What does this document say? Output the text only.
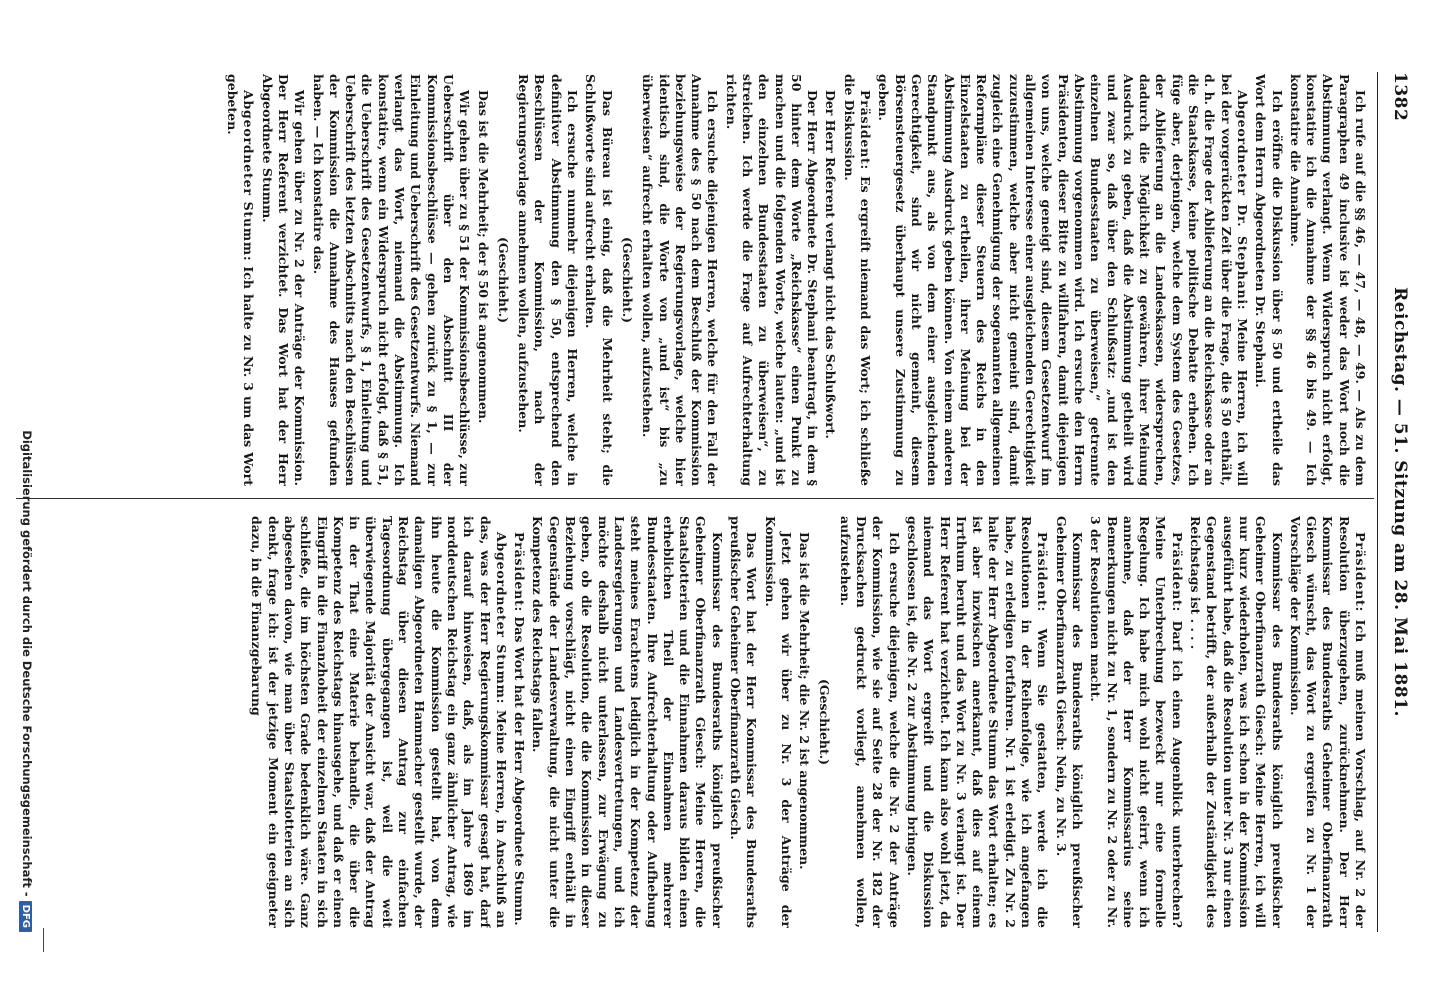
1382
Reichstag. — 51. Sitzung am 28. Mai 1881.

Ich rufe auf die §§ 46, — 47, — 48, — 49. — Als zu dem Paragraphen 49 inclusive ist weder das Wort noch die Abstimmung verlangt. Wenn Widerspruch nicht erfolgt, konstatire ich die Annahme der §§ 46 bis 49. — Ich konstatire die Annahme.

Ich eröffne die Diskussion über § 50 und ertheile das Wort dem Herrn Abgeordneten Dr. Stephani.

Abgeordneter Dr. Stephani: Meine Herren, ich will bei der vorgerückten Zeit über die Frage, die § 50 enthält, d. h. die Frage der Ablieferung an die Reichskasse oder an die Staatskasse, keine politische Debatte erheben. Ich füge aber, derjenigen, welche dem System des Gesetzes, der Ablieferung an die Landeskassen, widersprechen, dadurch die Möglichkeit zu gewähren, ihrer Meinung Ausdruck zu geben, daß die Abstimmung getheilt wird und zwar so, daß über den Schlußsatz: „und ist den einzelnen Bundesstaaten zu überweisen,“ getrennte Abstimmung vorgenommen wird. Ich ersuche den Herrn Präsidenten, dieser Bitte zu willfahren, damit diejenigen von uns, welche geneigt sind, diesem Gesetzentwurf im allgemeinen Interesse einer ausgleichenden Gerechtigkeit zuzustimmen, welche aber nicht gemeint sind, damit zugleich eine Genehmigung der sogenannten allgemeinen Reformpläne dieser Steuern des Reichs in den Einzelstaaten zu ertheilen, ihrer Meinung bei der Abstimmung Ausdruck geben können. Von einem anderen Standpunkt aus, als von dem einer ausgleichenden Gerechtigkeit, sind wir nicht gemeint, diesem Börsensteuergesetz überhaupt unsere Zustimmung zu geben.

Präsident: Es ergreift niemand das Wort; ich schließe die Diskussion.

Der Herr Referent verlangt nicht das Schlußwort.

Der Herr Abgeordnete Dr. Stephani beantragt, in dem § 50 hinter dem Worte „Reichskasse“ einen Punkt zu machen und die folgenden Worte, welche lauten: „und ist den einzelnen Bundesstaaten zu überweisen“, zu streichen. Ich werde die Frage auf Aufrechterhaltung richten.

Ich ersuche diejenigen Herren, welche für den Fall der Annahme des § 50 nach dem Beschluß der Kommission beziehungsweise der Regierungsvorlage, welche hier identisch sind, die Worte von „und ist“ bis „zu überweisen“ aufrecht erhalten wollen, aufzustehen.

(Geschieht.)

Das Büreau ist einig, daß die Mehrheit steht; die Schlußworte sind aufrecht erhalten.

Ich ersuche nunmehr diejenigen Herren, welche in definitiver Abstimmung den § 50, entsprechend den Beschlüssen der Kommission, nach der Regierungsvorlage annehmen wollen, aufzustehen.

(Geschieht.)

Das ist die Mehrheit; der § 50 ist angenommen.

Wir gehen über zu § 51 der Kommissionsbeschlüsse, zur Ueberschrift über den Abschnitt III der Kommissionsbeschlüsse — gehen zurück zu § 1, — zur Einleitung und Ueberschrift des Gesetzentwurfs. Niemand verlangt das Wort, niemand die Abstimmung. Ich konstatire, wenn ein Widerspruch nicht erfolgt, daß § 51, die Ueberschrift des Gesetzentwurfs, § 1, Einleitung und Ueberschrift des letzten Abschnitts nach den Beschlüssen der Kommission die Annahme des Hauses gefunden haben. — Ich konstatire das.

Wir gehen über zu Nr. 2 der Anträge der Kommission. Der Herr Referent verzichtet. Das Wort hat der Herr Abgeordnete Stumm.

Abgeordneter Stumm: Ich halte zu Nr. 3 um das Wort gebeten.

Präsident: Ich muß meinen Vorschlag, auf Nr. 2 der Resolution überzugehen, zurücknehmen. Der Herr Kommissar des Bundesraths Geheimer Oberfinanzrath Giesch wünscht, das Wort zu ergreifen zu Nr. 1 der Vorschläge der Kommission.

Kommissar des Bundesraths königlich preußischer Geheimer Oberfinanzrath Giesch: Meine Herren, ich will nur kurz wiederholen, was ich schon in der Kommission ausgeführt habe, daß die Resolution unter Nr. 3 nur einen Gegenstand betrifft, der außerhalb der Zuständigkeit des Reichstags ist . . . .

Präsident: Darf ich einen Augenblick unterbrechen? Meine Unterbrechung bezweckt nur eine formelle Regelung. Ich habe mich wohl nicht geirrt, wenn ich annehme, daß der Herr Kommissarius seine Bemerkungen nicht zu Nr. 1, sondern zu Nr. 2 oder zu Nr. 3 der Resolutionen macht.

Kommissar des Bundesraths königlich preußischer Geheimer Oberfinanzrath Giesch: Nein, zu Nr. 3.

Präsident: Wenn Sie gestatten, werde ich die Resolutionen in der Reihenfolge, wie ich angefangen habe, zu erledigen fortfahren. Nr. 1 ist erledigt. Zu Nr. 2 halte der Herr Abgeordnete Stumm das Wort erhalten; es ist aber inzwischen anerkannt, daß dies auf einem Irrthum beruht und das Wort zu Nr. 3 verlangt ist. Der Herr Referent hat verzichtet. Ich kann also wohl jetzt, da niemand das Wort ergreift und die Diskussion geschlossen ist, die Nr. 2 zur Abstimmung bringen.

Ich ersuche diejenigen, welche die Nr. 2 der Anträge der Kommission, wie sie auf Seite 28 der Nr. 182 der Drucksachen gedruckt vorliegt, annehmen wollen, aufzustehen.

(Geschieht.)

Das ist die Mehrheit; die Nr. 2 ist angenommen.

Jetzt gehen wir über zu Nr. 3 der Anträge der Kommission.

Das Wort hat der Herr Kommissar des Bundesraths preußischer Geheimer Oberfinanzrath Giesch.

Kommissar des Bundesraths königlich preußischer Geheimer Oberfinanzrath Giesch: Meine Herren, die Staatslotterien und die Einnahmen daraus bilden einen erheblichen Theil der Einnahmen mehrerer Bundesstaaten. Ihre Aufrechterhaltung oder Aufhebung steht meines Erachtens lediglich in der Kompetenz der Landesregierungen und Landesvertretungen, und ich möchte deshalb nicht unterlassen, zur Erwägung zu geben, ob die Resolution, die die Kommission in dieser Beziehung vorschlägt, nicht einen Eingriff enthält in Gegenstände der Landesverwaltung, die nicht unter die Kompetenz des Reichstags fallen.

Präsident: Das Wort hat der Herr Abgeordnete Stumm.

Abgeordneter Stumm: Meine Herren, in Anschluß an das, was der Herr Regierungskommissar gesagt hat, darf ich darauf hinweisen, daß, als im Jahre 1869 im norddeutschen Reichstag ein ganz ähnlicher Antrag, wie ihn heute die Kommission gestellt hat, von dem damaligen Abgeordneten Hammacher gestellt wurde, der Reichstag über diesen Antrag zur einfachen Tagesordnung übergegangen ist, weil die weit überwiegende Majorität der Ansicht war, daß der Antrag in der That eine Materie behandle, die über die Kompetenz des Reichstags hinausgehe, und daß er einen Eingriff in die Finanzhoheit der einzelnen Staaten in sich schließe, die im höchsten Grade bedenklich wäre. Ganz abgesehen davon, wie man über Staatslotterien an sich denkt, frage ich: ist der jetzige Moment ein geeigneter dazu, in die Finanzgebarung

Digitalisierung gefördert durch die Deutsche Forschungsgemeinschaft -DFG
